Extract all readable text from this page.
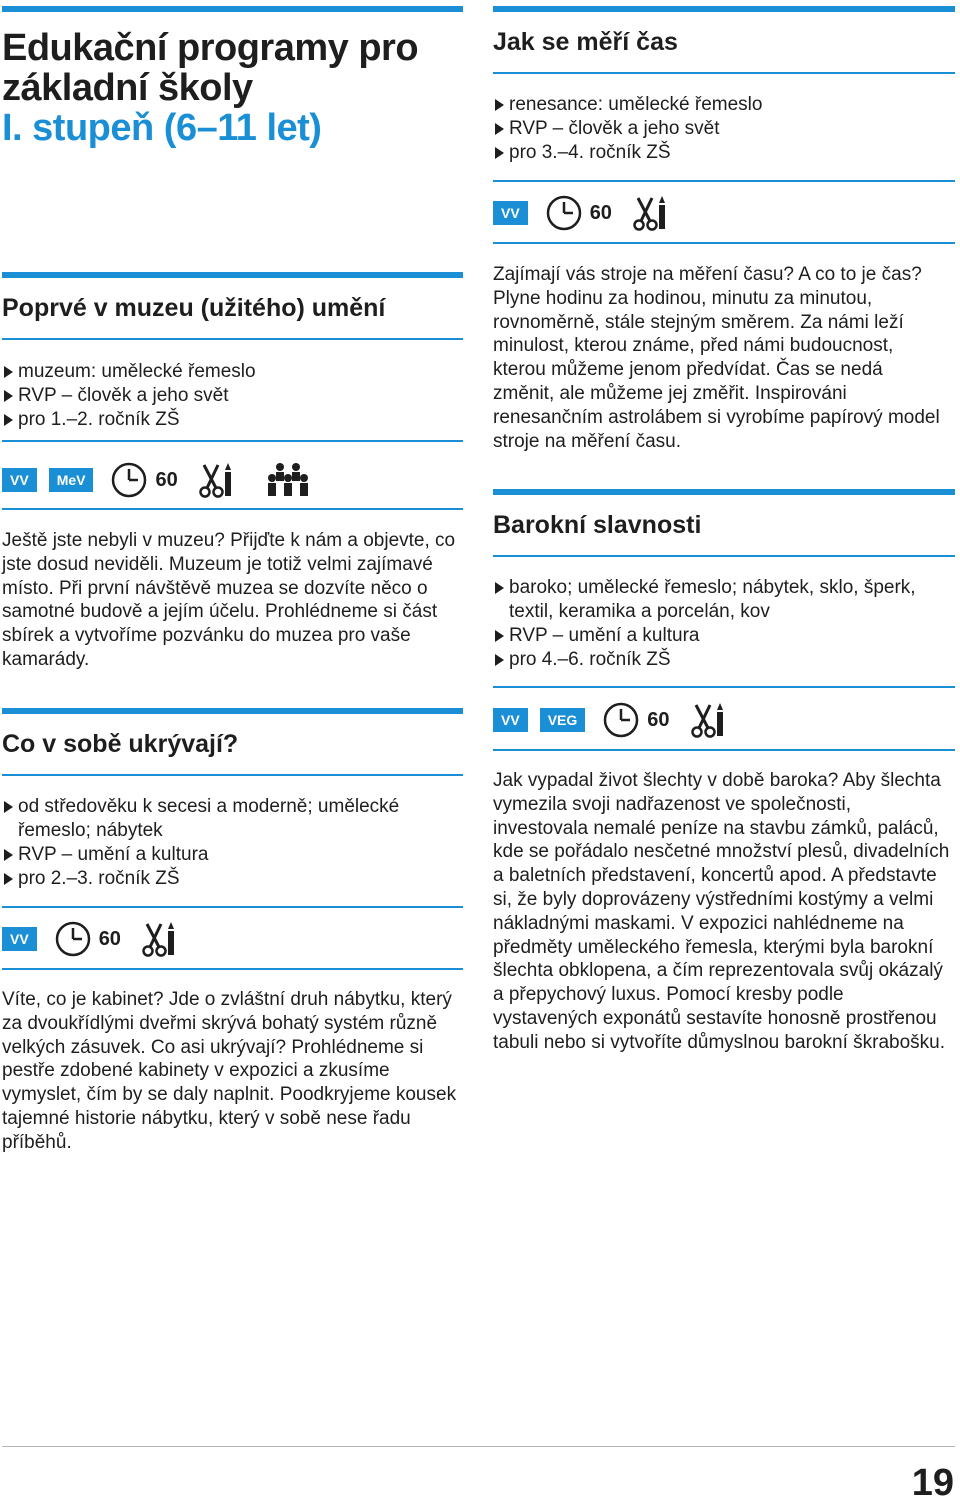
Edukační programy pro
základní školy
I. stupeň (6–11 let)
Poprvé v muzeu (užitého) umění
muzeum: umělecké řemeslo
RVP – člověk a jeho svět
pro 1.–2. ročník ZŠ
VV	MeV	60
Ještě jste nebyli v muzeu? Přijďte k nám a objevte, co jste dosud neviděli. Muzeum je totiž velmi zajímavé místo. Při první návštěvě muzea se dozvíte něco o samotné budově a jejím účelu. Prohlédneme si část sbírek a vytvoříme pozvánku do muzea pro vaše kamarády.
Co v sobě ukrývají?
od středověku k secesi a moderně; umělecké řemeslo; nábytek
RVP – umění a kultura
pro 2.–3. ročník ZŠ
VV	60
Víte, co je kabinet? Jde o zvláštní druh nábytku, který za dvoukřídlými dveřmi skrývá bohatý systém různě velkých zásuvek. Co asi ukrývají? Prohlédneme si pestře zdobené kabinety v expozici a zkusíme vymyslet, čím by se daly naplnit. Poodkryjeme kousek tajemné historie nábytku, který v sobě nese řadu příběhů.
Jak se měří čas
renesance: umělecké řemeslo
RVP – člověk a jeho svět
pro 3.–4. ročník ZŠ
VV	60
Zajímají vás stroje na měření času? A co to je čas? Plyne hodinu za hodinou, minutu za minutou, rovnoměrně, stále stejným směrem. Za námi leží minulost, kterou známe, před námi budoucnost, kterou můžeme jenom předvídat. Čas se nedá změnit, ale můžeme jej změřit. Inspirováni renesančním astrolábem si vyrobíme papírový model stroje na měření času.
Barokní slavnosti
baroko; umělecké řemeslo; nábytek, sklo, šperk, textil, keramika a porcelán, kov
RVP – umění a kultura
pro 4.–6. ročník ZŠ
VV	VEG	60
Jak vypadal život šlechty v době baroka? Aby šlechta vymezila svoji nadřazenost ve společnosti, investovala nemalé peníze na stavbu zámků, paláců, kde se pořádalo nesčetné množství plesů, divadelních a baletních představení, koncertů apod. A představte si, že byly doprovázeny výstředními kostýmy a velmi nákladnými maskami. V expozici nahlédneme na předměty uměleckého řemesla, kterými byla barokní šlechta obklopena, a čím reprezentovala svůj okázalý a přepychový luxus. Pomocí kresby podle vystavených exponátů sestavíte honosně prostřenou tabuli nebo si vytvoříte důmyslnou barokní škrabošku.
19
